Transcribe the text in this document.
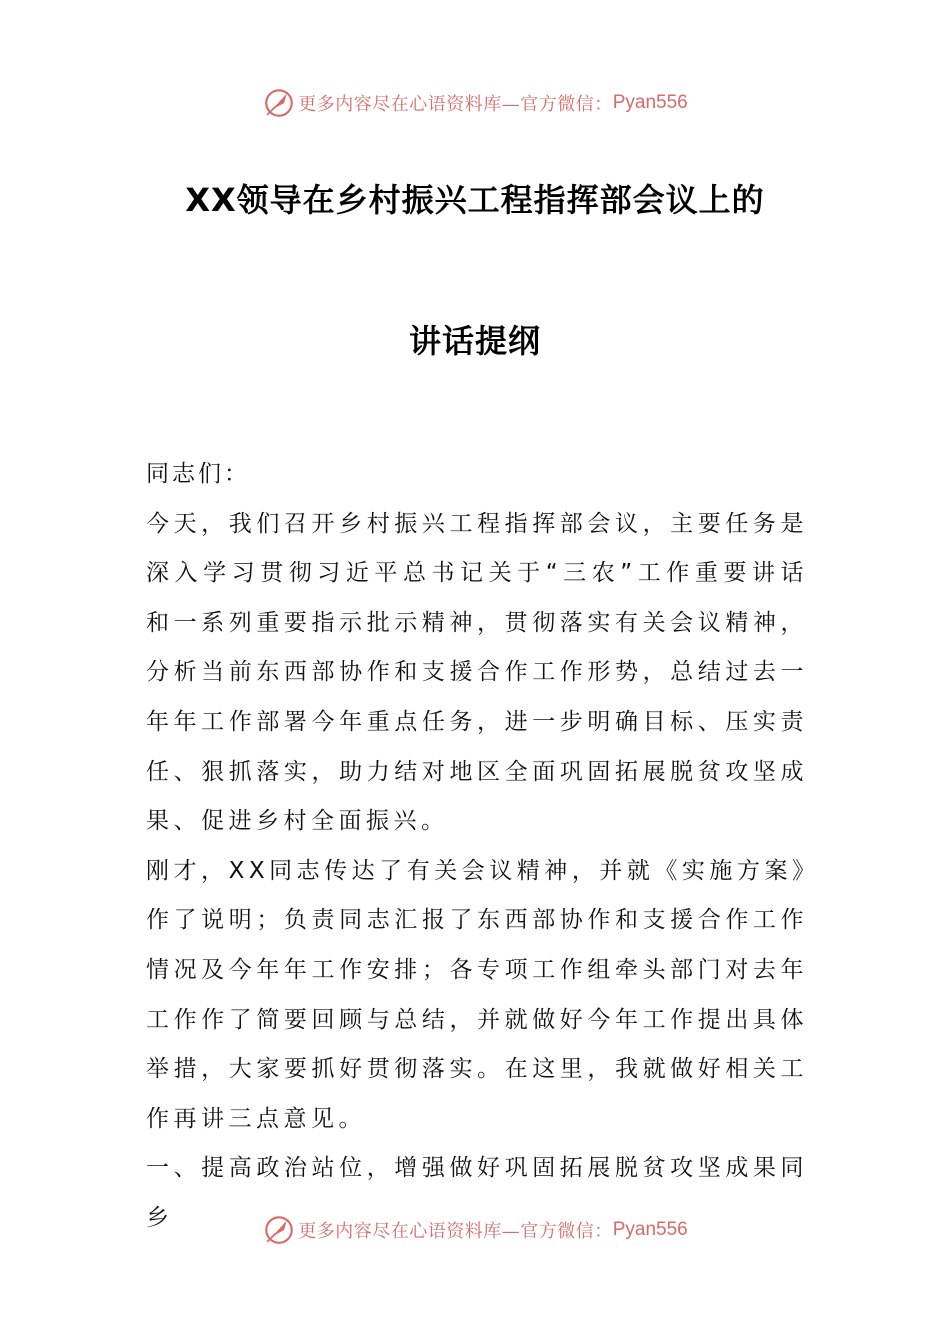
更多内容尽在心语资料库—官方微信： Pyan556
XX领导在乡村振兴工程指挥部会议上的
讲话提纲

同志们：

今天，我们召开乡村振兴工程指挥部会议，主要任务是深入学习贯彻习近平总书记关于“三农”工作重要讲话和一系列重要指示批示精神，贯彻落实有关会议精神，分析当前东西部协作和支援合作工作形势，总结过去一年年工作部署今年重点任务，进一步明确目标、压实责任、狠抓落实，助力结对地区全面巩固拓展脱贫攻坚成果、促进乡村全面振兴。

刚才，XX同志传达了有关会议精神，并就《实施方案》作了说明；负责同志汇报了东西部协作和支援合作工作情况及今年年工作安排；各专项工作组牵头部门对去年工作作了简要回顾与总结，并就做好今年工作提出具体举措，大家要抓好贯彻落实。在这里，我就做好相关工作再讲三点意见。

一、提高政治站位，增强做好巩固拓展脱贫攻坚成果同乡

更多内容尽在心语资料库—官方微信： Pyan556
